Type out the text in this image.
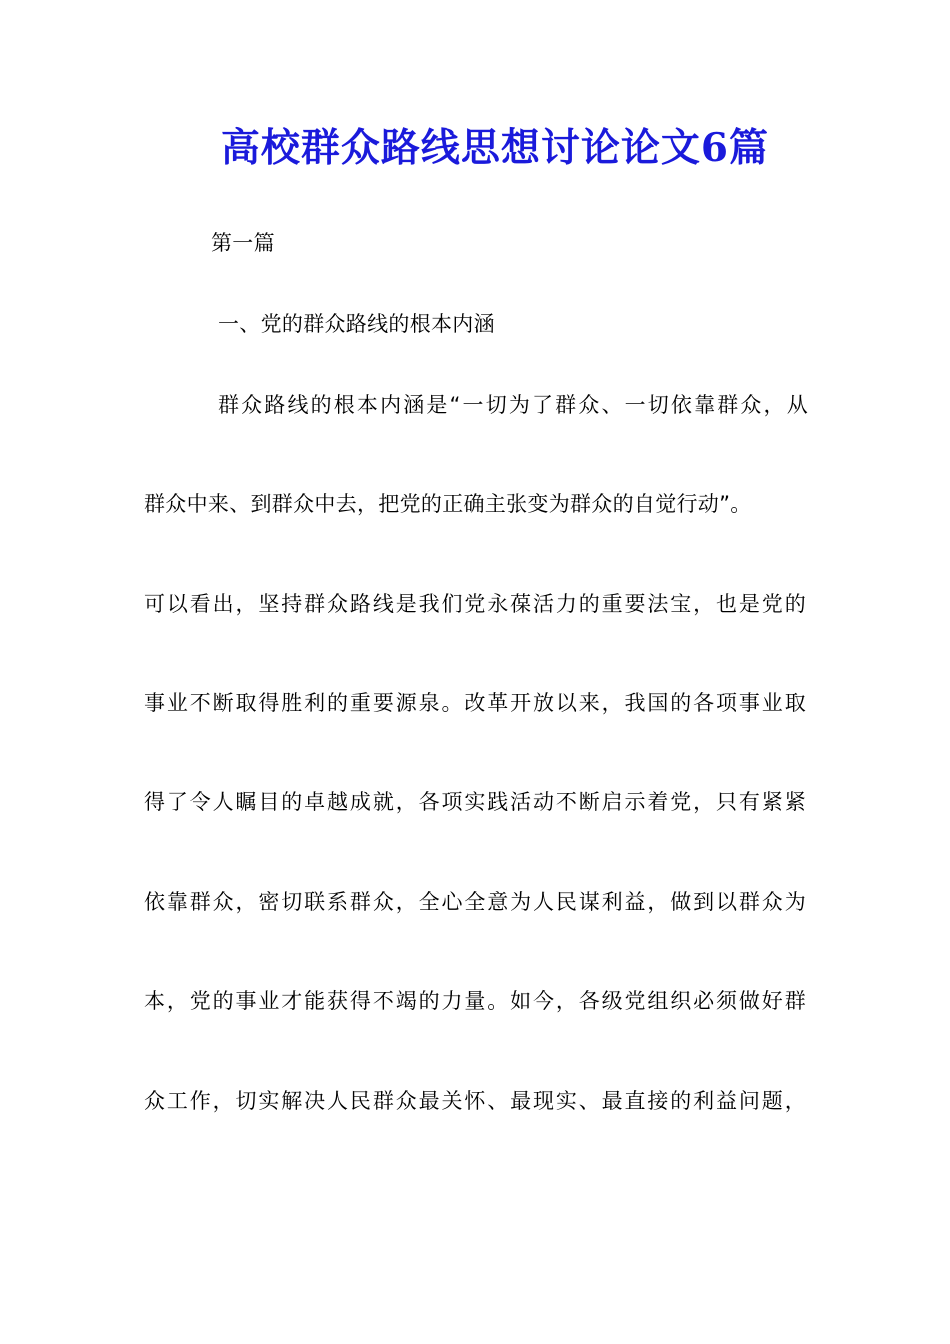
高校群众路线思想讨论论文6篇
第一篇
一、党的群众路线的根本内涵
群众路线的根本内涵是“一切为了群众、一切依靠群众，从
群众中来、到群众中去，把党的正确主张变为群众的自觉行动”。
可以看出，坚持群众路线是我们党永葆活力的重要法宝，也是党的
事业不断取得胜利的重要源泉。改革开放以来，我国的各项事业取
得了令人瞩目的卓越成就，各项实践活动不断启示着党，只有紧紧
依靠群众，密切联系群众，全心全意为人民谋利益，做到以群众为
本，党的事业才能获得不竭的力量。如今，各级党组织必须做好群
众工作，切实解决人民群众最关怀、最现实、最直接的利益问题，
